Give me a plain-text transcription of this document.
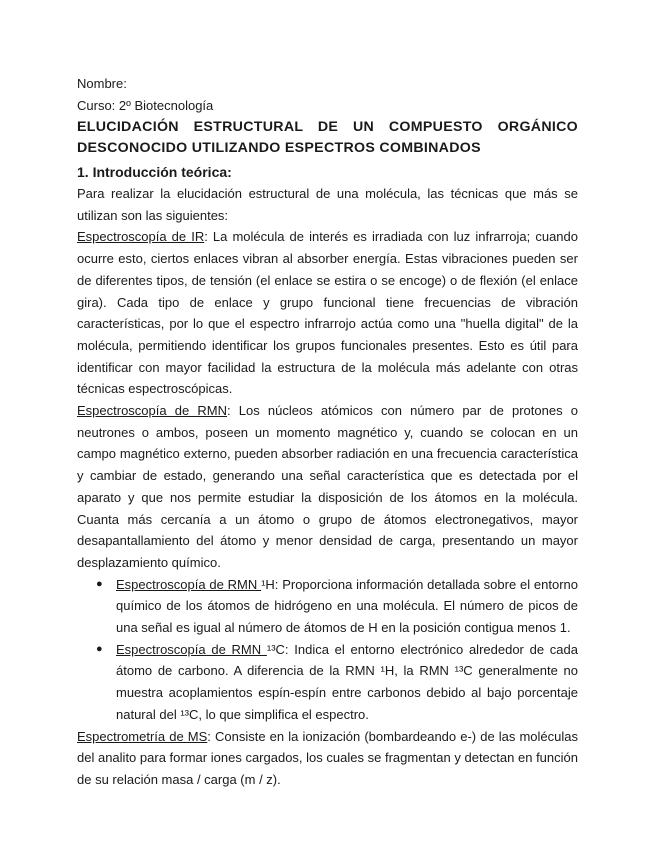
Nombre:
Curso: 2º Biotecnología
ELUCIDACIÓN ESTRUCTURAL DE UN COMPUESTO ORGÁNICO
DESCONOCIDO UTILIZANDO ESPECTROS COMBINADOS
1. Introducción teórica:

Para realizar la elucidación estructural de una molécula, las técnicas que más se utilizan son las siguientes:

Espectroscopía de IR: La molécula de interés es irradiada con luz infrarroja; cuando ocurre esto, ciertos enlaces vibran al absorber energía. Estas vibraciones pueden ser de diferentes tipos, de tensión (el enlace se estira o se encoge) o de flexión (el enlace gira). Cada tipo de enlace y grupo funcional tiene frecuencias de vibración características, por lo que el espectro infrarrojo actúa como una "huella digital" de la molécula, permitiendo identificar los grupos funcionales presentes. Esto es útil para identificar con mayor facilidad la estructura de la molécula más adelante con otras técnicas espectroscópicas.

Espectroscopía de RMN: Los núcleos atómicos con número par de protones o neutrones o ambos, poseen un momento magnético y, cuando se colocan en un campo magnético externo, pueden absorber radiación en una frecuencia característica y cambiar de estado, generando una señal característica que es detectada por el aparato y que nos permite estudiar la disposición de los átomos en la molécula. Cuanta más cercanía a un átomo o grupo de átomos electronegativos, mayor desapantallamiento del átomo y menor densidad de carga, presentando un mayor desplazamiento químico.

● Espectroscopía de RMN ¹H: Proporciona información detallada sobre el entorno químico de los átomos de hidrógeno en una molécula. El número de picos de una señal es igual al número de átomos de H en la posición contigua menos 1.

● Espectroscopía de RMN ¹³C: Indica el entorno electrónico alrededor de cada átomo de carbono. A diferencia de la RMN ¹H, la RMN ¹³C generalmente no muestra acoplamientos espín-espín entre carbonos debido al bajo porcentaje natural del ¹³C, lo que simplifica el espectro.

Espectrometría de MS: Consiste en la ionización (bombardeando e-) de las moléculas del analito para formar iones cargados, los cuales se fragmentan y detectan en función de su relación masa / carga (m / z).
